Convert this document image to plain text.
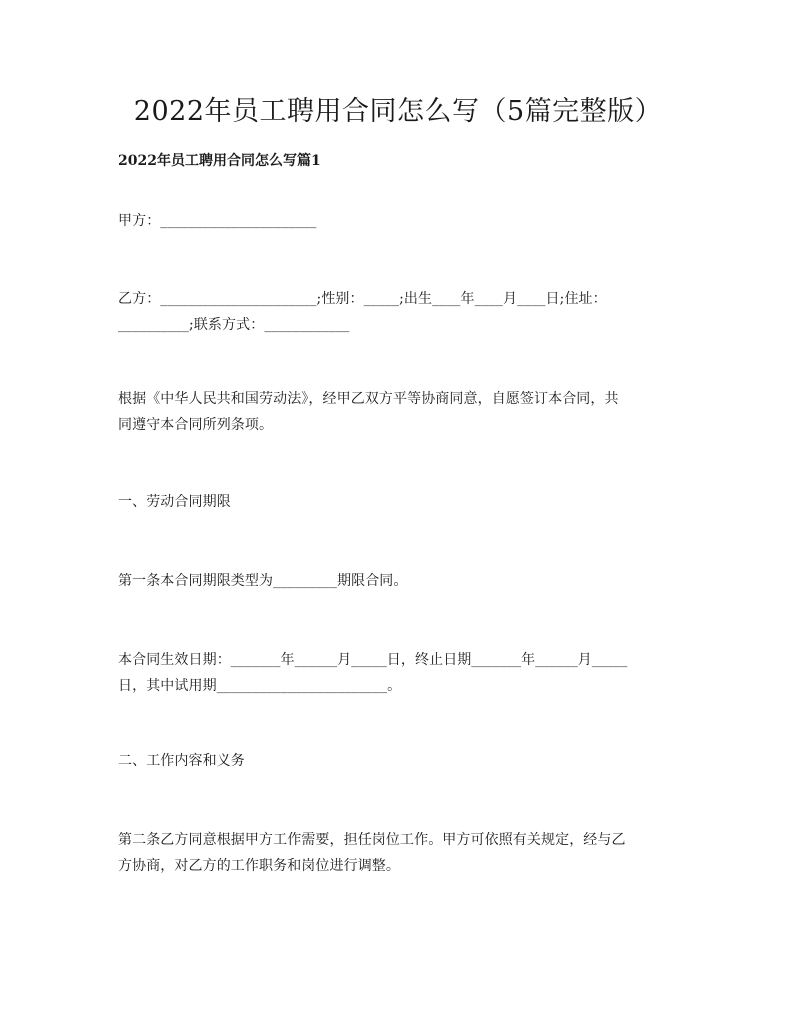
2022年员工聘用合同怎么写（5篇完整版）
2022年员工聘用合同怎么写篇1
甲方：______________________
乙方：______________________;性别：_____;出生____年____月____日;住址：
__________;联系方式：____________
根据《中华人民共和国劳动法》，经甲乙双方平等协商同意，自愿签订本合同，共
同遵守本合同所列条项。
一、劳动合同期限
第一条本合同期限类型为_________期限合同。
本合同生效日期：_______年______月_____日，终止日期_______年______月_____
日，其中试用期________________________。
二、工作内容和义务
第二条乙方同意根据甲方工作需要，担任岗位工作。甲方可依照有关规定，经与乙
方协商，对乙方的工作职务和岗位进行调整。
